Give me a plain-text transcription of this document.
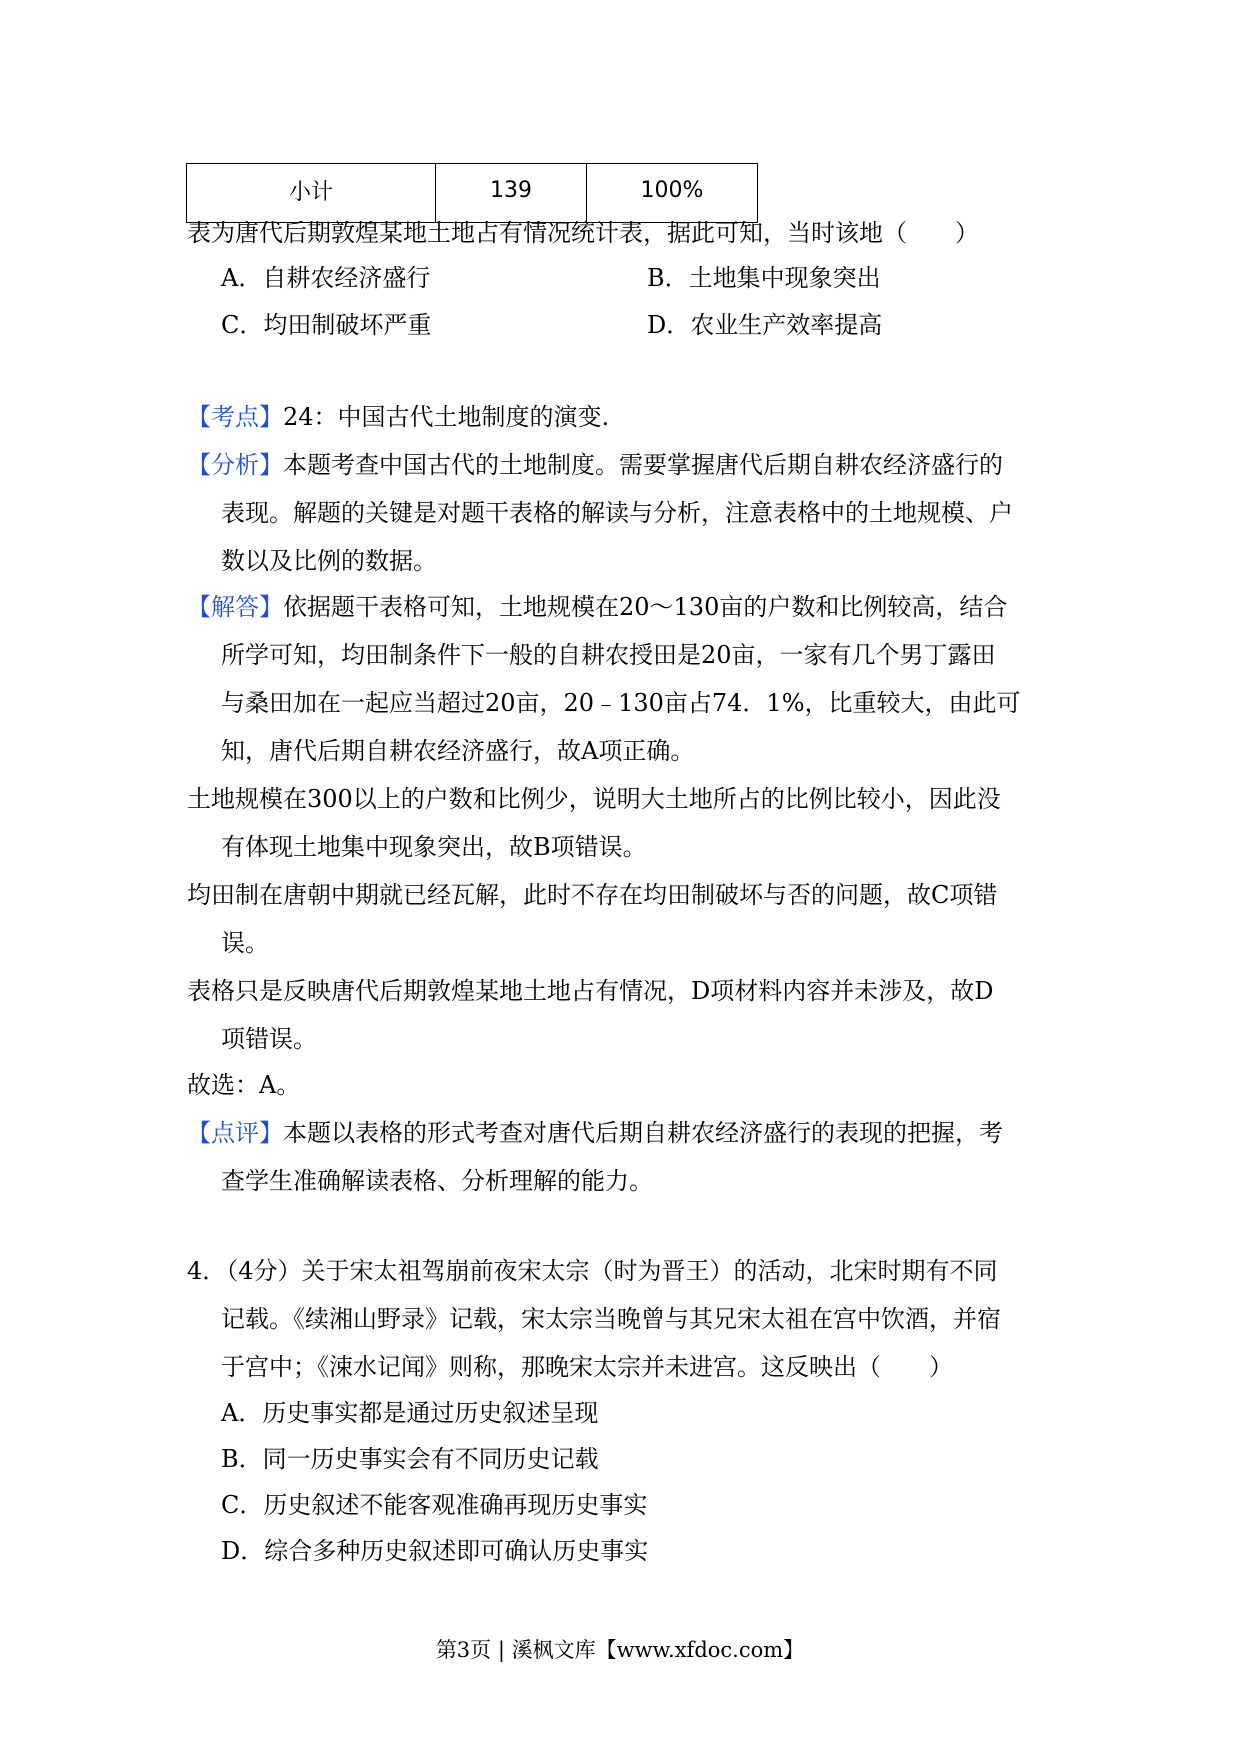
小计	139	100%
表为唐代后期敦煌某地土地占有情况统计表，据此可知，当时该地（　　）
A．自耕农经济盛行	B．土地集中现象突出
C．均田制破坏严重	D．农业生产效率提高
【考点】24：中国古代土地制度的演变.
【分析】本题考查中国古代的土地制度。需要掌握唐代后期自耕农经济盛行的
表现。解题的关键是对题干表格的解读与分析，注意表格中的土地规模、户
数以及比例的数据。
【解答】依据题干表格可知，土地规模在20～130亩的户数和比例较高，结合
所学可知，均田制条件下一般的自耕农授田是20亩，一家有几个男丁露田
与桑田加在一起应当超过20亩，20﹣130亩占74．1%，比重较大，由此可
知，唐代后期自耕农经济盛行，故A项正确。
土地规模在300以上的户数和比例少，说明大土地所占的比例比较小，因此没
有体现土地集中现象突出，故B项错误。
均田制在唐朝中期就已经瓦解，此时不存在均田制破坏与否的问题，故C项错
误。
表格只是反映唐代后期敦煌某地土地占有情况，D项材料内容并未涉及，故D
项错误。
故选：A。
【点评】本题以表格的形式考查对唐代后期自耕农经济盛行的表现的把握，考
查学生准确解读表格、分析理解的能力。
4．（4分）关于宋太祖驾崩前夜宋太宗（时为晋王）的活动，北宋时期有不同
记载。《续湘山野录》记载，宋太宗当晚曾与其兄宋太祖在宫中饮酒，并宿
于宫中；《涑水记闻》则称，那晚宋太宗并未进宫。这反映出（　　）
A．历史事实都是通过历史叙述呈现
B．同一历史事实会有不同历史记载
C．历史叙述不能客观准确再现历史事实
D．综合多种历史叙述即可确认历史事实
第3页 | 溪枫文库【www.xfdoc.com】
